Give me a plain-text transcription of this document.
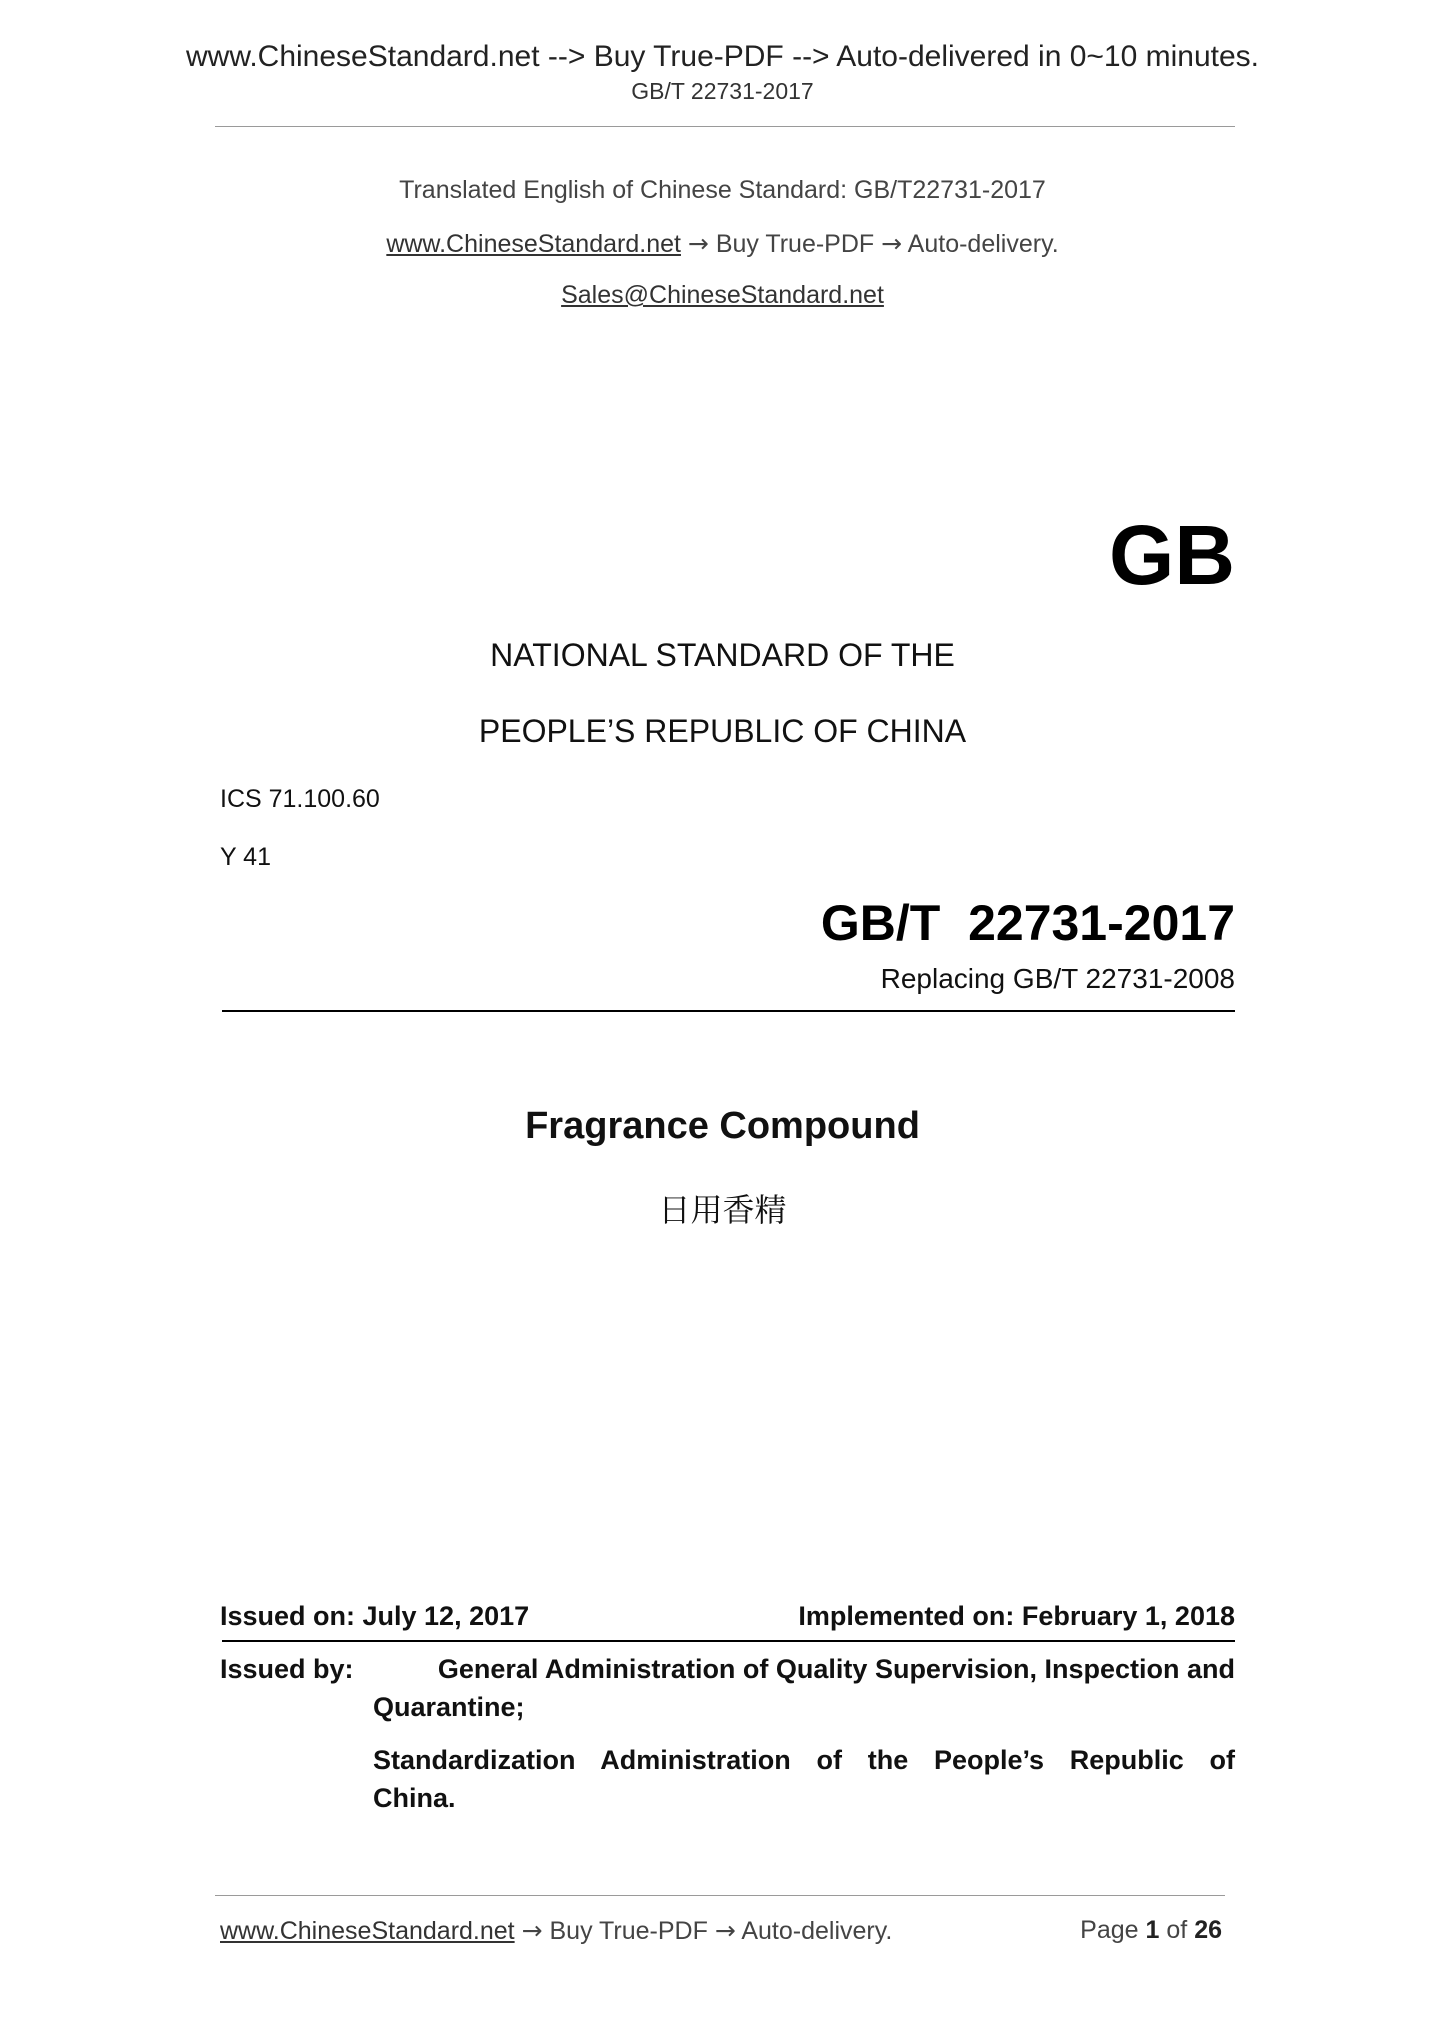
www.ChineseStandard.net --> Buy True-PDF --> Auto-delivered in 0~10 minutes.
GB/T 22731-2017
Translated English of Chinese Standard: GB/T22731-2017
www.ChineseStandard.net → Buy True-PDF → Auto-delivery.
Sales@ChineseStandard.net
GB
NATIONAL STANDARD OF THE
PEOPLE’S REPUBLIC OF CHINA
ICS 71.100.60
Y 41
GB/T  22731-2017
Replacing GB/T 22731-2008
Fragrance Compound
日用香精
Issued on: July 12, 2017	Implemented on: February 1, 2018
Issued by:	General Administration of Quality Supervision, Inspection and
Quarantine;
Standardization Administration of the People’s Republic of
China.
www.ChineseStandard.net → Buy True-PDF → Auto-delivery.	Page 1 of 26
